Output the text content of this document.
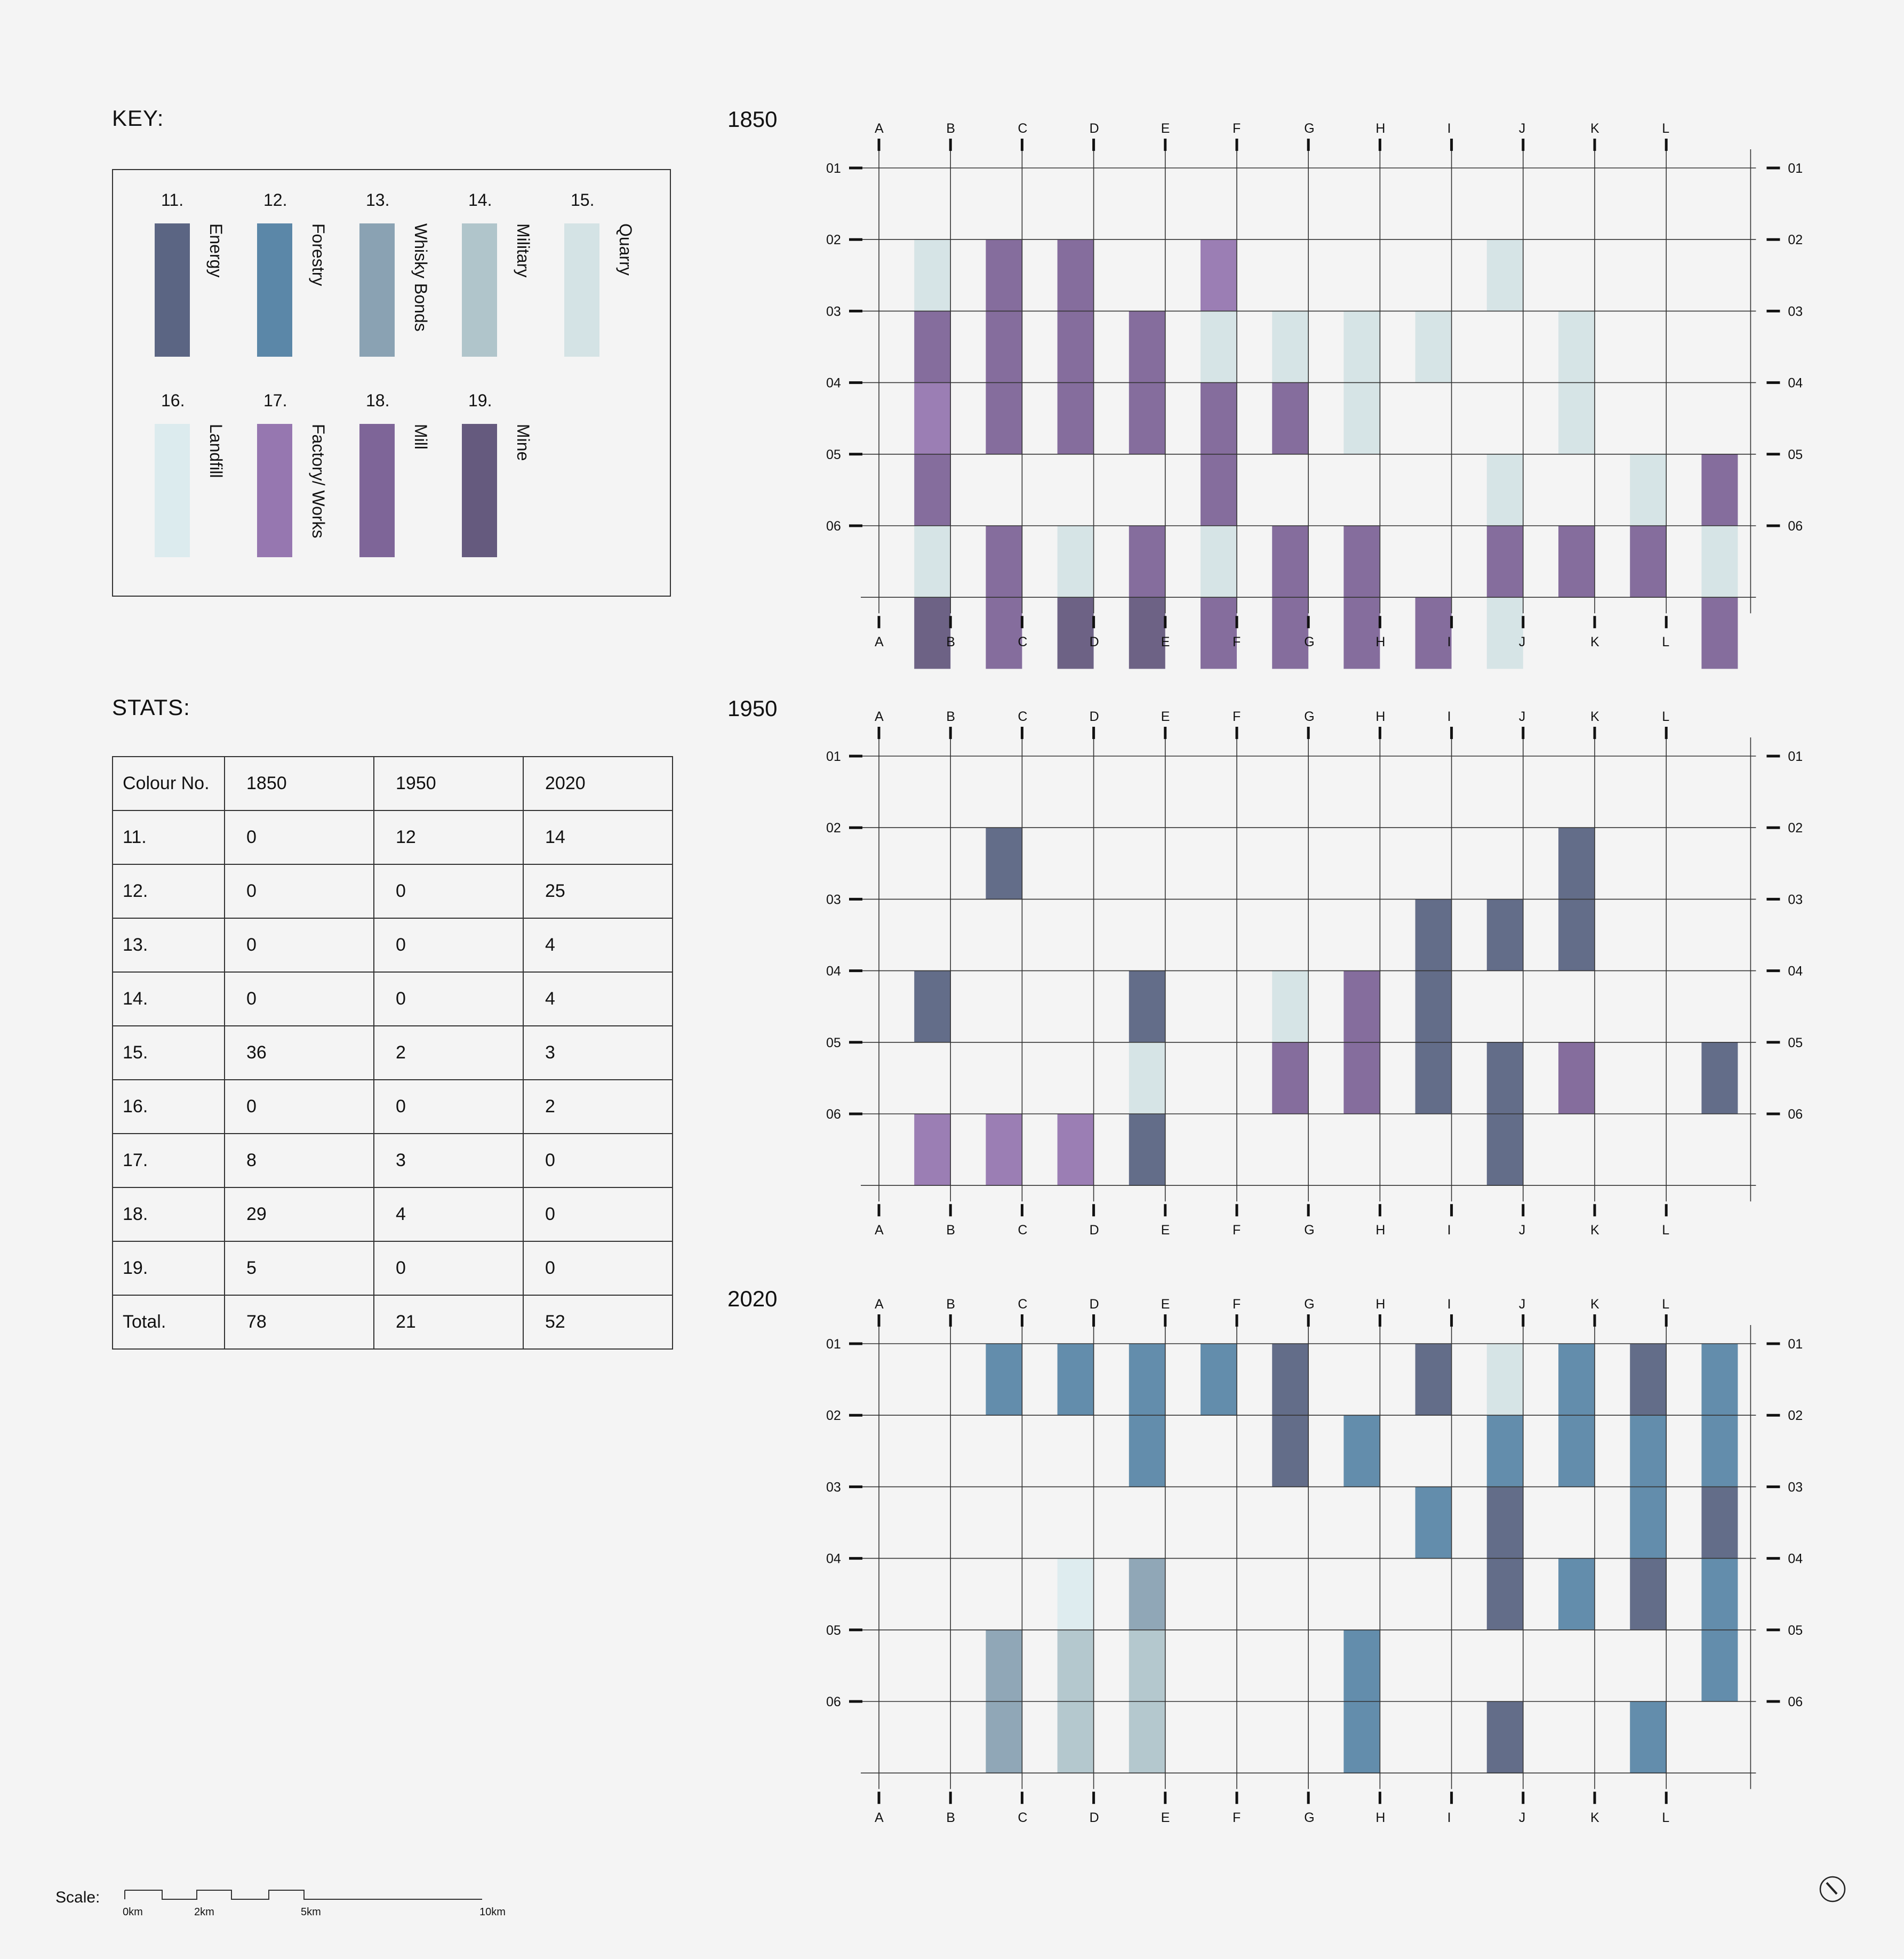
KEY:
STATS:
11.
Energy
12.
Forestry
13.
Whisky Bonds
14.
Military
15.
Quarry
16.
Landfill
17.
Factory/ Works
18.
Mill
19.
Mine
Colour No.	1850	1950	2020
11.	0	12	14
12.	0	0	25
13.	0	0	4
14.	0	0	4
15.	36	2	3
16.	0	0	2
17.	8	3	0
18.	29	4	0
19.	5	0	0
Total.	78	21	52
1850	A
A
B
B
C
C
D
D
E
E
F
F
G
G
H
H
I
I
J
J
K
K
L
L
01	01
02	02
03	03
04	04
05	05
06	06
1950	A
A
B
B
C
C
D
D
E
E
F
F
G
G
H
H
I
I
J
J
K
K
L
L
01	01
02	02
03	03
04	04
05	05
06	06
2020	A
A
B
B
C
C
D
D
E
E
F
F
G
G
H
H
I
I
J
J
K
K
L
L
01	01
02	02
03	03
04	04
05	05
06	06
Scale:
0km	2km	5km	10km
